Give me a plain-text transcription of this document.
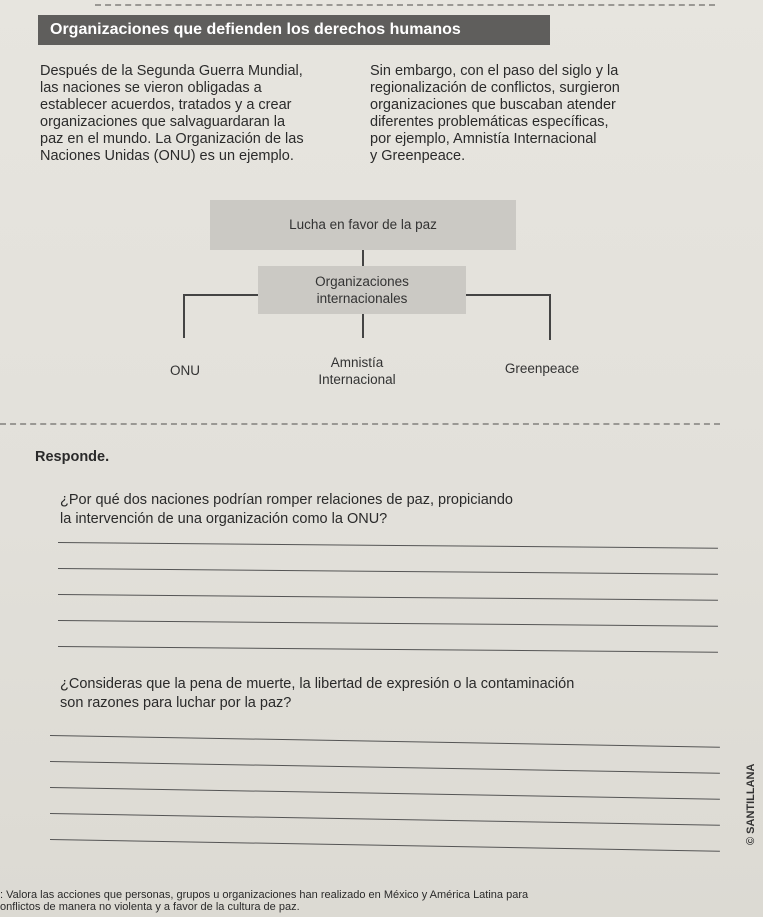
Organizaciones que defienden los derechos humanos

Después de la Segunda Guerra Mundial,

las naciones se vieron obligadas a

establecer acuerdos, tratados y a crear

organizaciones que salvaguardaran la

paz en el mundo. La Organización de las

Naciones Unidas (ONU) es un ejemplo.

Sin embargo, con el paso del siglo y la

regionalización de conflictos, surgieron

organizaciones que buscaban atender

diferentes problemáticas específicas,

por ejemplo, Amnistía Internacional

y Greenpeace.

Lucha en favor de la paz
Organizaciones
internacionales
ONU
Amnistía
Internacional
Greenpeace
Responde.
¿Por qué dos naciones podrían romper relaciones de paz, propiciando
la intervención de una organización como la ONU?
¿Consideras que la pena de muerte, la libertad de expresión o la contaminación
son razones para luchar por la paz?
© SANTILLANA

: Valora las acciones que personas, grupos u organizaciones han realizado en México y América Latina para

onflictos de manera no violenta y a favor de la cultura de paz.
